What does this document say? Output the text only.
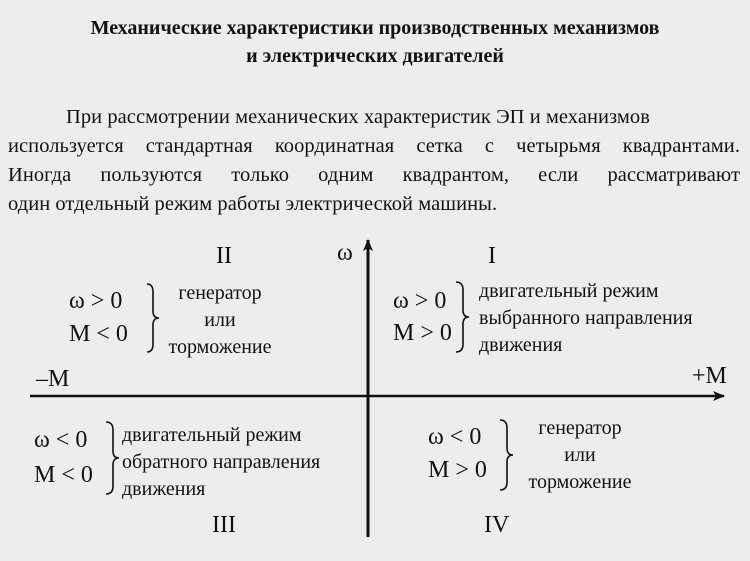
Механические характеристики производственных механизмов
и электрических двигателей
При рассмотрении механических характеристик ЭП и механизмов
используется стандартная координатная сетка с четырьмя квадрантами.
Иногда пользуются только одним квадрантом, если рассматривают
один отдельный режим работы электрической машины.
ω
+M
–M
II	I
III	IV
ω > 0
M < 0
генератор
или
торможение
ω > 0
M > 0
двигательный режим
выбранного направления
движения
ω < 0
M < 0
двигательный режим
обратного направления
движения
ω < 0
M > 0
генератор
или
торможение
